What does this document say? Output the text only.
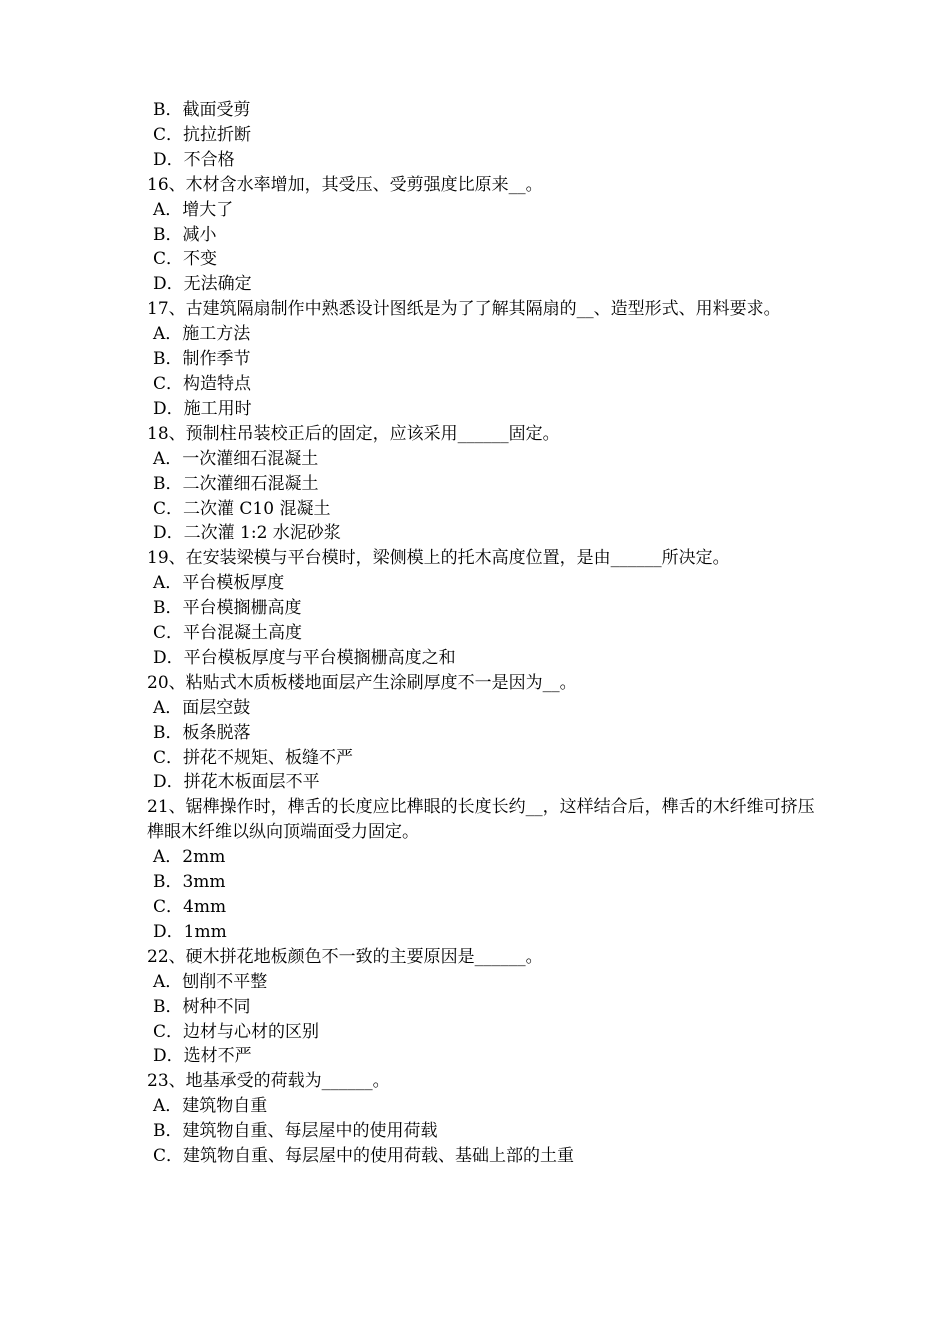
B．截面受剪
C．抗拉折断
D．不合格
16、木材含水率增加，其受压、受剪强度比原来__。
A．增大了
B．减小
C．不变
D．无法确定
17、古建筑隔扇制作中熟悉设计图纸是为了了解其隔扇的__、造型形式、用料要求。
A．施工方法
B．制作季节
C．构造特点
D．施工用时
18、预制柱吊装校正后的固定，应该采用______固定。
A．一次灌细石混凝土
B．二次灌细石混凝土
C．二次灌 C10 混凝土
D．二次灌 1:2 水泥砂浆
19、在安装梁模与平台模时，梁侧模上的托木高度位置，是由______所决定。
A．平台模板厚度
B．平台模搁栅高度
C．平台混凝土高度
D．平台模板厚度与平台模搁栅高度之和
20、粘贴式木质板楼地面层产生涂刷厚度不一是因为__。
A．面层空鼓
B．板条脱落
C．拼花不规矩、板缝不严
D．拼花木板面层不平
21、锯榫操作时，榫舌的长度应比榫眼的长度长约__，这样结合后，榫舌的木纤维可挤压榫眼木纤维以纵向顶端面受力固定。
A．2mm
B．3mm
C．4mm
D．1mm
22、硬木拼花地板颜色不一致的主要原因是______。
A．刨削不平整
B．树种不同
C．边材与心材的区别
D．选材不严
23、地基承受的荷载为______。
A．建筑物自重
B．建筑物自重、每层屋中的使用荷载
C．建筑物自重、每层屋中的使用荷载、基础上部的土重
